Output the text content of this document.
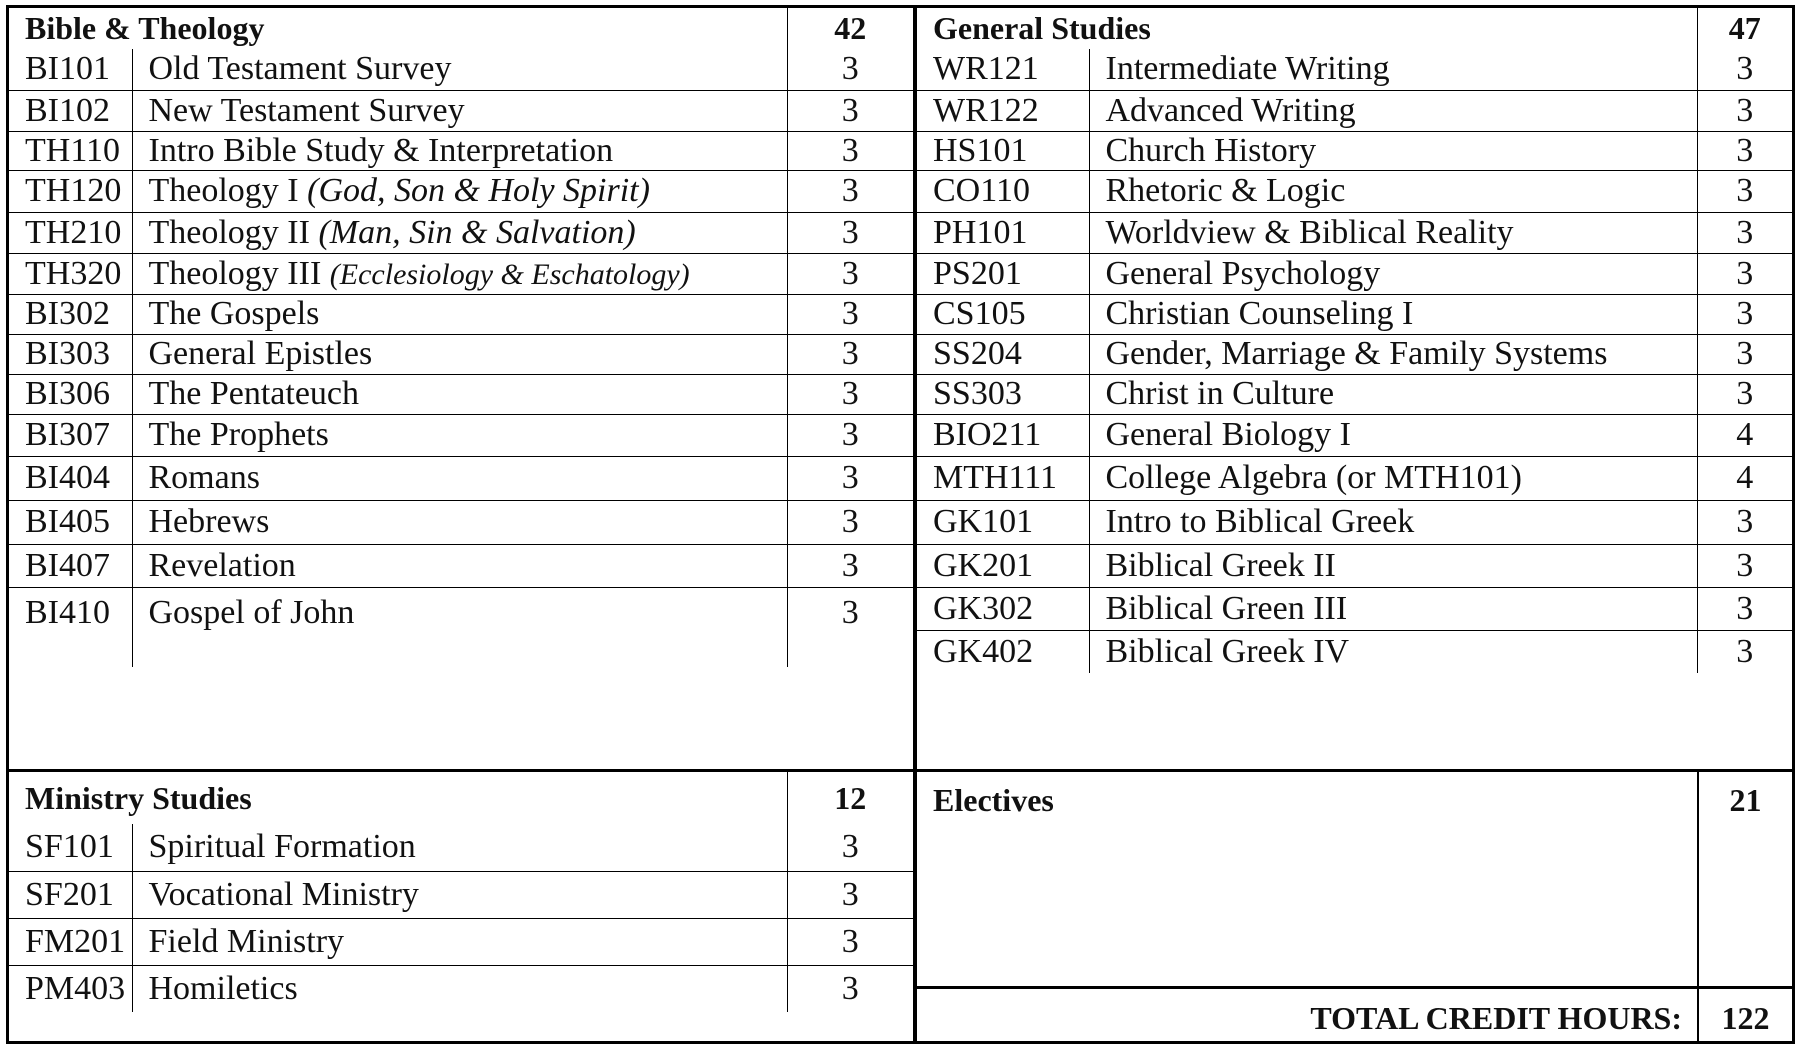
Bible & Theology		42
BI101	Old Testament Survey	3
BI102	New Testament Survey	3
TH110	Intro Bible Study & Interpretation	3
TH120	Theology I (God, Son & Holy Spirit)	3
TH210	Theology II (Man, Sin & Salvation)	3
TH320	Theology III (Ecclesiology & Eschatology)	3
BI302	The Gospels	3
BI303	General Epistles	3
BI306	The Pentateuch	3
BI307	The Prophets	3
BI404	Romans	3
BI405	Hebrews	3
BI407	Revelation	3
BI410	Gospel of John	3
General Studies		47
WR121	Intermediate Writing	3
WR122	Advanced Writing	3
HS101	Church History	3
CO110	Rhetoric & Logic	3
PH101	Worldview & Biblical Reality	3
PS201	General Psychology	3
CS105	Christian Counseling I	3
SS204	Gender, Marriage & Family Systems	3
SS303	Christ in Culture	3
BIO211	General Biology I	4
MTH111	College Algebra (or MTH101)	4
GK101	Intro to Biblical Greek	3
GK201	Biblical Greek II	3
GK302	Biblical Green III	3
GK402	Biblical Greek IV	3
Ministry Studies		12
SF101	Spiritual Formation	3
SF201	Vocational Ministry	3
FM201	Field Ministry	3
PM403	Homiletics	3
Electives	21
TOTAL CREDIT HOURS:	122
